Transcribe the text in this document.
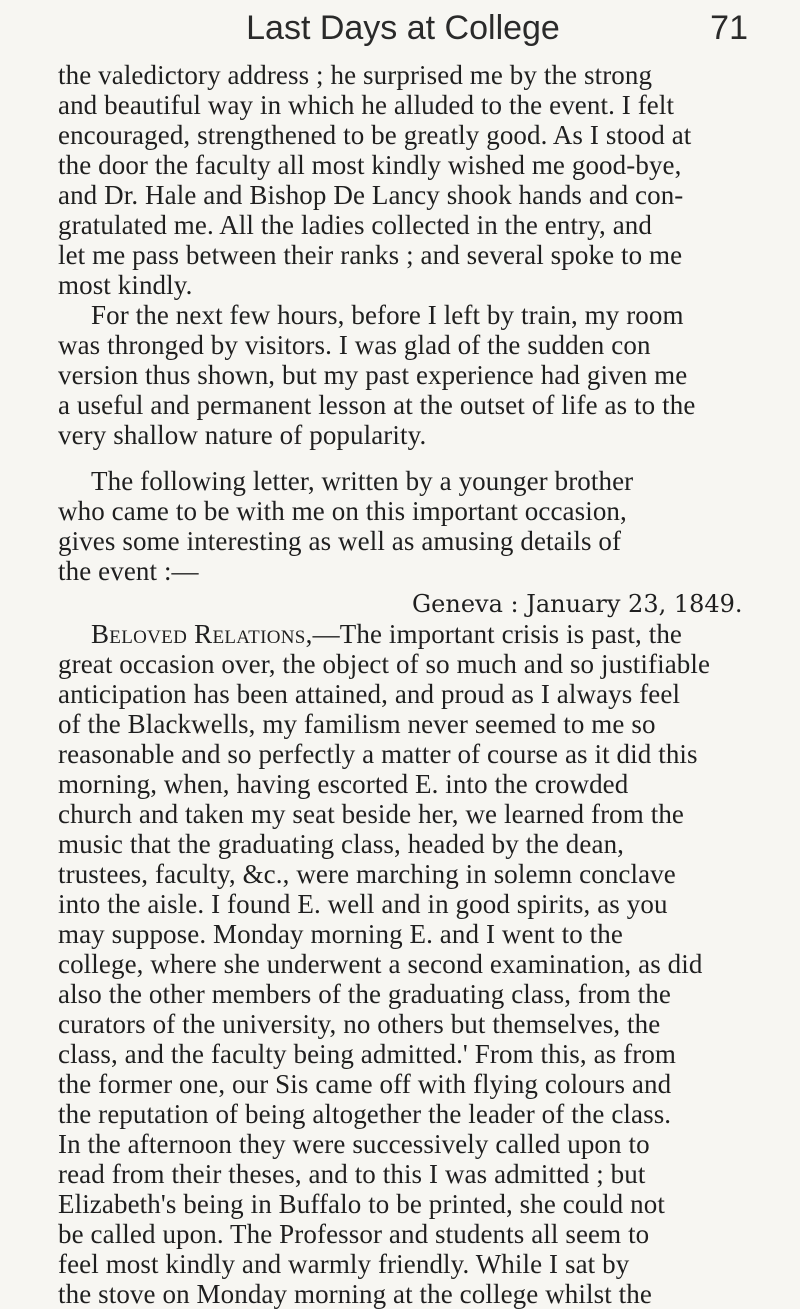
Last Days at College	71
the valedictory address ; he surprised me by the strong
and beautiful way in which he alluded to the event. I felt
encouraged, strengthened to be greatly good. As I stood at
the door the faculty all most kindly wished me good-bye,
and Dr. Hale and Bishop De Lancy shook hands and con-
gratulated me. All the ladies collected in the entry, and
let me pass between their ranks ; and several spoke to me
most kindly.
For the next few hours, before I left by train, my room
was thronged by visitors. I was glad of the sudden con
version thus shown, but my past experience had given me
a useful and permanent lesson at the outset of life as to the
very shallow nature of popularity.
The following letter, written by a younger brother
who came to be with me on this important occasion,
gives some interesting as well as amusing details of
the event :—
Geneva : January 23, 1849.
Beloved Relations,—The important crisis is past, the
great occasion over, the object of so much and so justifiable
anticipation has been attained, and proud as I always feel
of the Blackwells, my familism never seemed to me so
reasonable and so perfectly a matter of course as it did this
morning, when, having escorted E. into the crowded
church and taken my seat beside her, we learned from the
music that the graduating class, headed by the dean,
trustees, faculty, &c., were marching in solemn conclave
into the aisle. I found E. well and in good spirits, as you
may suppose. Monday morning E. and I went to the
college, where she underwent a second examination, as did
also the other members of the graduating class, from the
curators of the university, no others but themselves, the
class, and the faculty being admitted.' From this, as from
the former one, our Sis came off with flying colours and
the reputation of being altogether the leader of the class.
In the afternoon they were successively called upon to
read from their theses, and to this I was admitted ; but
Elizabeth's being in Buffalo to be printed, she could not
be called upon. The Professor and students all seem to
feel most kindly and warmly friendly. While I sat by
the stove on Monday morning at the college whilst the
